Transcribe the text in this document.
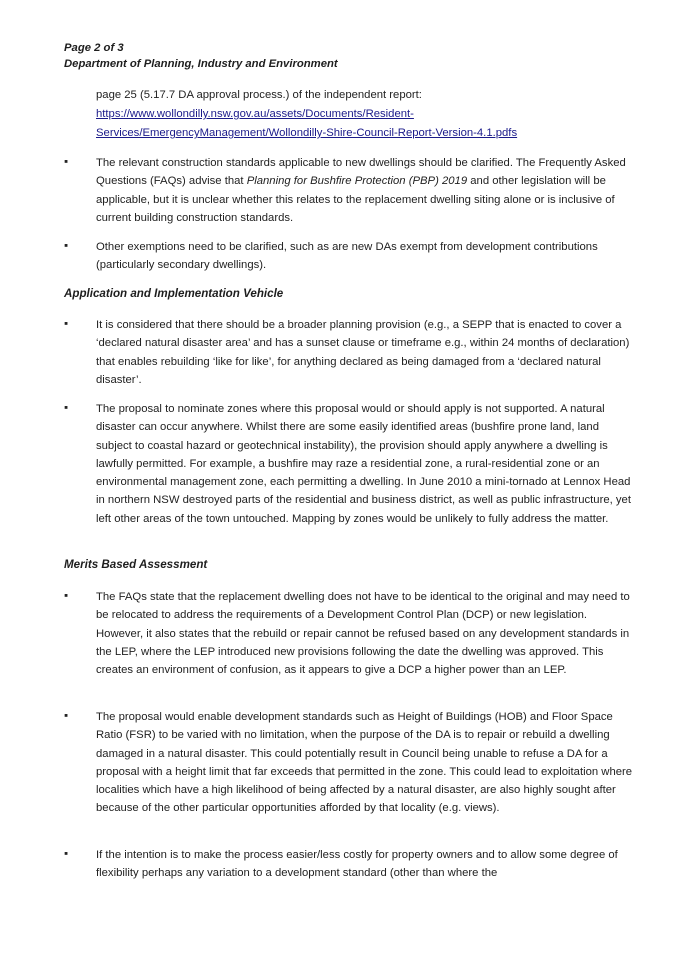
Page 2 of 3
Department of Planning, Industry and Environment
page 25 (5.17.7 DA approval process.) of the independent report:
https://www.wollondilly.nsw.gov.au/assets/Documents/Resident-
Services/EmergencyManagement/Wollondilly-Shire-Council-Report-Version-4.1.pdfs
▪ The relevant construction standards applicable to new dwellings should be clarified. The Frequently Asked Questions (FAQs) advise that Planning for Bushfire Protection (PBP) 2019 and other legislation will be applicable, but it is unclear whether this relates to the replacement dwelling siting alone or is inclusive of current building construction standards.
▪ Other exemptions need to be clarified, such as are new DAs exempt from development contributions (particularly secondary dwellings).
Application and Implementation Vehicle
▪ It is considered that there should be a broader planning provision (e.g., a SEPP that is enacted to cover a ‘declared natural disaster area’ and has a sunset clause or timeframe e.g., within 24 months of declaration) that enables rebuilding ‘like for like’, for anything declared as being damaged from a ‘declared natural disaster’.
▪ The proposal to nominate zones where this proposal would or should apply is not supported. A natural disaster can occur anywhere. Whilst there are some easily identified areas (bushfire prone land, land subject to coastal hazard or geotechnical instability), the provision should apply anywhere a dwelling is lawfully permitted. For example, a bushfire may raze a residential zone, a rural-residential zone or an environmental management zone, each permitting a dwelling. In June 2010 a mini-tornado at Lennox Head in northern NSW destroyed parts of the residential and business district, as well as public infrastructure, yet left other areas of the town untouched. Mapping by zones would be unlikely to fully address the matter.
Merits Based Assessment
▪ The FAQs state that the replacement dwelling does not have to be identical to the original and may need to be relocated to address the requirements of a Development Control Plan (DCP) or new legislation. However, it also states that the rebuild or repair cannot be refused based on any development standards in the LEP, where the LEP introduced new provisions following the date the dwelling was approved. This creates an environment of confusion, as it appears to give a DCP a higher power than an LEP.
▪ The proposal would enable development standards such as Height of Buildings (HOB) and Floor Space Ratio (FSR) to be varied with no limitation, when the purpose of the DA is to repair or rebuild a dwelling damaged in a natural disaster. This could potentially result in Council being unable to refuse a DA for a proposal with a height limit that far exceeds that permitted in the zone. This could lead to exploitation where localities which have a high likelihood of being affected by a natural disaster, are also highly sought after because of the other particular opportunities afforded by that locality (e.g. views).
▪ If the intention is to make the process easier/less costly for property owners and to allow some degree of flexibility perhaps any variation to a development standard (other than where the
